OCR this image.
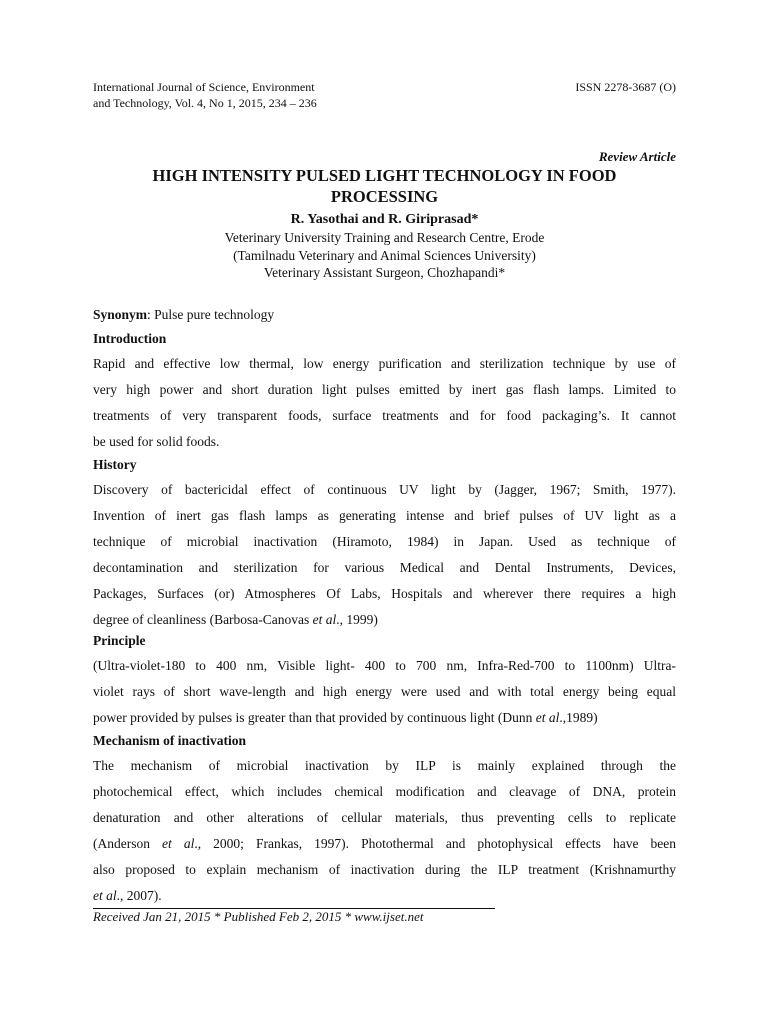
International Journal of Science, Environment
and Technology, Vol. 4, No 1, 2015, 234 – 236
ISSN 2278-3687 (O)
Review Article
HIGH INTENSITY PULSED LIGHT TECHNOLOGY IN FOOD
PROCESSING
R. Yasothai and R. Giriprasad*
Veterinary University Training and Research Centre, Erode
(Tamilnadu Veterinary and Animal Sciences University)
Veterinary Assistant Surgeon, Chozhapandi*
Synonym: Pulse pure technology
Introduction
Rapid and effective low thermal, low energy purification and sterilization technique by use of
very high power and short duration light pulses emitted by inert gas flash lamps. Limited to
treatments of very transparent foods, surface treatments and for food packaging’s. It cannot
be used for solid foods.
History
Discovery of bactericidal effect of continuous UV light by (Jagger, 1967; Smith, 1977).
Invention of inert gas flash lamps as generating intense and brief pulses of UV light as a
technique of microbial inactivation (Hiramoto, 1984) in Japan. Used as technique of
decontamination and sterilization for various Medical and Dental Instruments, Devices,
Packages, Surfaces (or) Atmospheres Of Labs, Hospitals and wherever there requires a high
degree of cleanliness (Barbosa-Canovas et al., 1999)
Principle
(Ultra-violet-180 to 400 nm, Visible light- 400 to 700 nm, Infra-Red-700 to 1100nm) Ultra-
violet rays of short wave-length and high energy were used and with total energy being equal
power provided by pulses is greater than that provided by continuous light (Dunn et al.,1989)
Mechanism of inactivation
The mechanism of microbial inactivation by ILP is mainly explained through the
photochemical effect, which includes chemical modification and cleavage of DNA, protein
denaturation and other alterations of cellular materials, thus preventing cells to replicate
(Anderson et al., 2000; Frankas, 1997). Photothermal and photophysical effects have been
also proposed to explain mechanism of inactivation during the ILP treatment (Krishnamurthy
et al., 2007).
Received Jan 21, 2015 * Published Feb 2, 2015 * www.ijset.net
